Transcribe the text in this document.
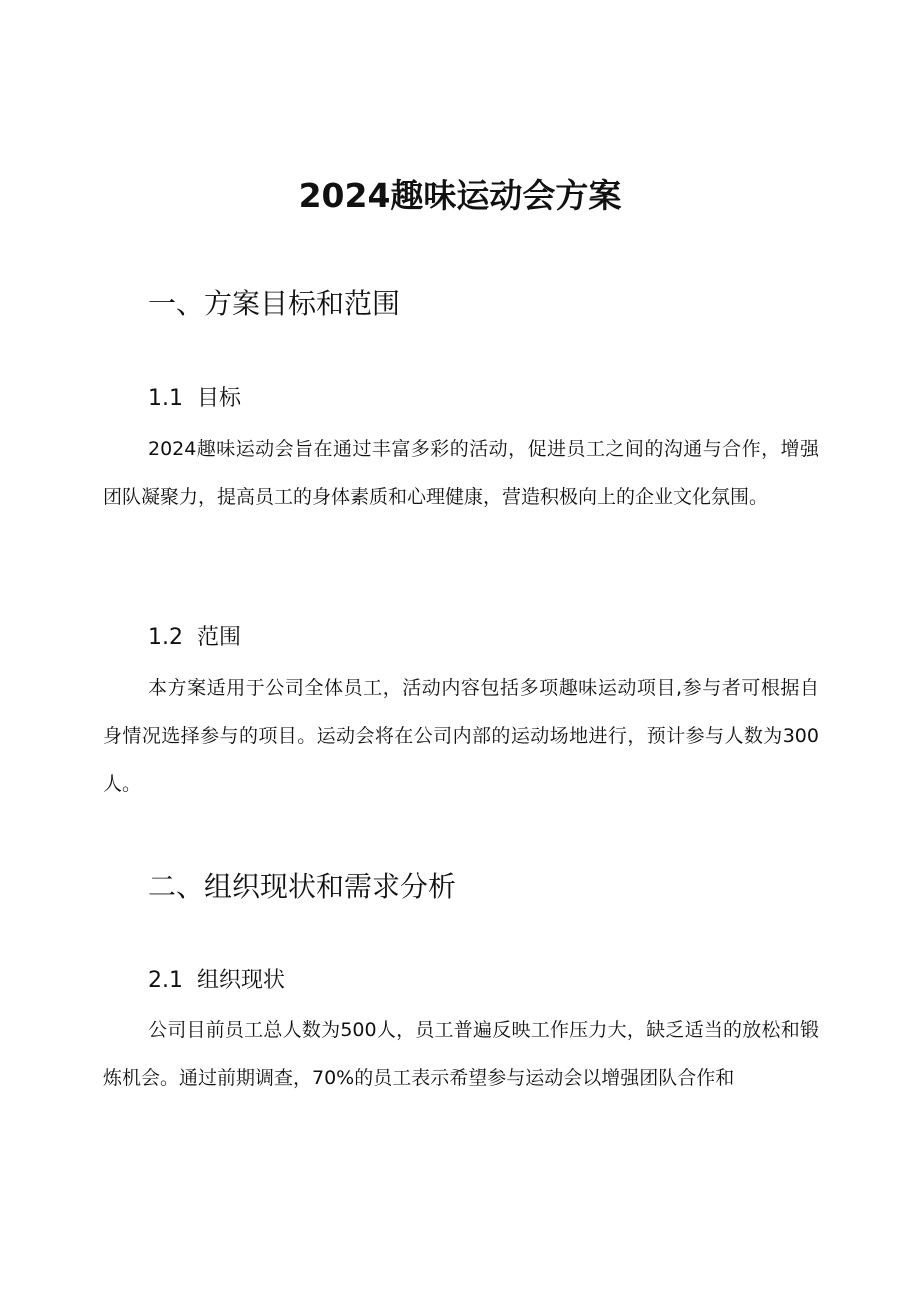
2024趣味运动会方案
一、方案目标和范围
1.1 目标

2024趣味运动会旨在通过丰富多彩的活动，促进员工之间的沟通与合作，增强团队凝聚力，提高员工的身体素质和心理健康，营造积极向上的企业文化氛围。

1.2 范围

本方案适用于公司全体员工，活动内容包括多项趣味运动项目,参与者可根据自身情况选择参与的项目。运动会将在公司内部的运动场地进行，预计参与人数为300人。

二、组织现状和需求分析
2.1 组织现状

公司目前员工总人数为500人，员工普遍反映工作压力大，缺乏适当的放松和锻炼机会。通过前期调查，70%的员工表示希望参与运动会以增强团队合作和
